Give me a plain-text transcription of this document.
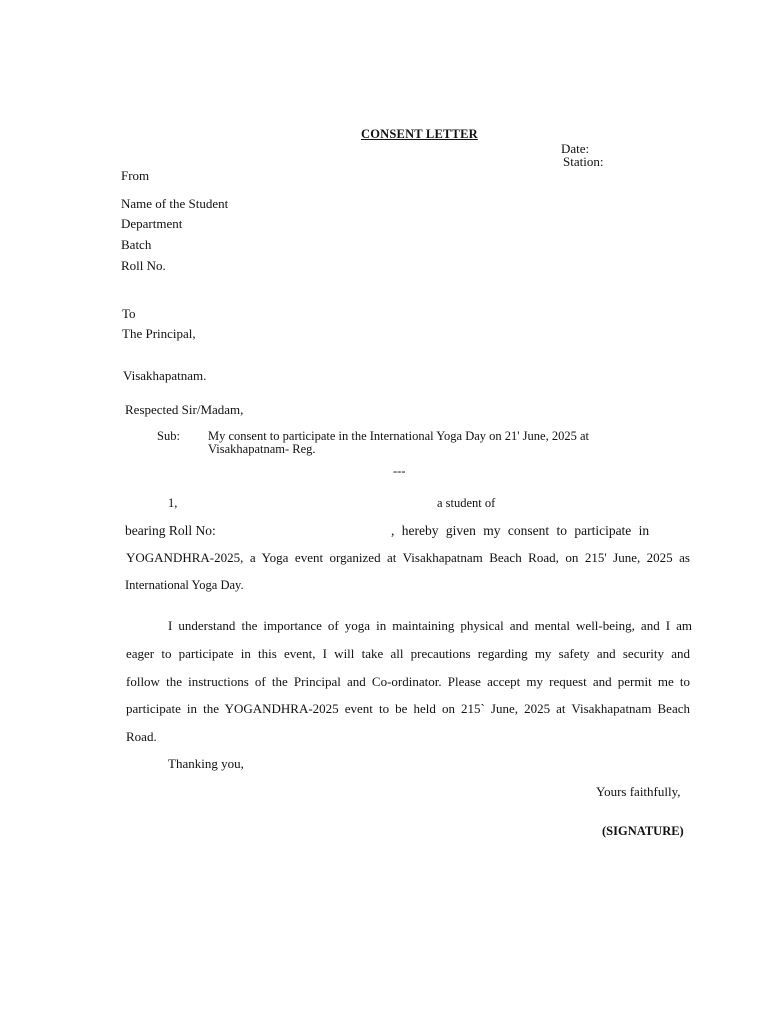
CONSENT LETTER
Date:
Station:
From
Name of the Student
Department
Batch
Roll No.
To
The Principal,
Visakhapatnam.
Respected Sir/Madam,
Sub: My consent to participate in the International Yoga Day on 21' June, 2025 at
Visakhapatnam- Reg.
---
1,	a student of
bearing Roll No:	, hereby given my consent to participate in
YOGANDHRA-2025, a Yoga event organized at Visakhapatnam Beach Road, on 215' June, 2025 as
International Yoga Day.
I understand the importance of yoga in maintaining physical and mental well-being, and I am
eager to participate in this event, I will take all precautions regarding my safety and security and
follow the instructions of the Principal and Co-ordinator. Please accept my request and permit me to
participate in the YOGANDHRA-2025 event to be held on 215` June, 2025 at Visakhapatnam Beach
Road.
Thanking you,
Yours faithfully,
(SIGNATURE)
